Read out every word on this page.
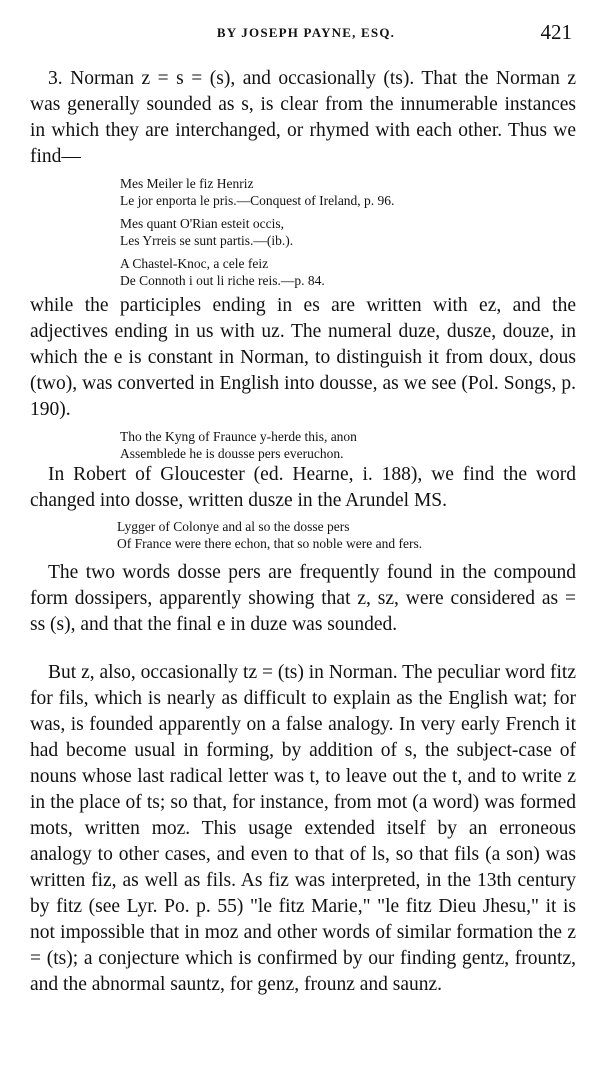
BY JOSEPH PAYNE, ESQ.	421
3. Norman z = s = (s), and occasionally (ts). That the Norman z was generally sounded as s, is clear from the innumerable instances in which they are interchanged, or rhymed with each other. Thus we find—
Mes Meiler le fiz Henriz
Le jor enporta le pris.—Conquest of Ireland, p. 96.
Mes quant O'Rian esteit occis,
Les Yrreis se sunt partis.—(ib.).
A Chastel-Knoc, a cele feiz
De Connoth i out li riche reis.—p. 84.
while the participles ending in es are written with ez, and the adjectives ending in us with uz. The numeral duze, dusze, douze, in which the e is constant in Norman, to distinguish it from doux, dous (two), was converted in English into dousse, as we see (Pol. Songs, p. 190).
Tho the Kyng of Fraunce y-herde this, anon
Assemblede he is dousse pers everuchon.
In Robert of Gloucester (ed. Hearne, i. 188), we find the word changed into dosse, written dusze in the Arundel MS.
Lygger of Colonye and al so the dosse pers
Of France were there echon, that so noble were and fers.
The two words dosse pers are frequently found in the compound form dossipers, apparently showing that z, sz, were considered as = ss (s), and that the final e in duze was sounded.
But z, also, occasionally tz = (ts) in Norman. The peculiar word fitz for fils, which is nearly as difficult to explain as the English wat; for was, is founded apparently on a false analogy. In very early French it had become usual in forming, by addition of s, the subject-case of nouns whose last radical letter was t, to leave out the t, and to write z in the place of ts; so that, for instance, from mot (a word) was formed mots, written moz. This usage extended itself by an erroneous analogy to other cases, and even to that of ls, so that fils (a son) was written fiz, as well as fils. As fiz was interpreted, in the 13th century by fitz (see Lyr. Po. p. 55) "le fitz Marie," "le fitz Dieu Jhesu," it is not impossible that in moz and other words of similar formation the z = (ts); a conjecture which is confirmed by our finding gentz, frountz, and the abnormal sauntz, for genz, frounz and saunz.
